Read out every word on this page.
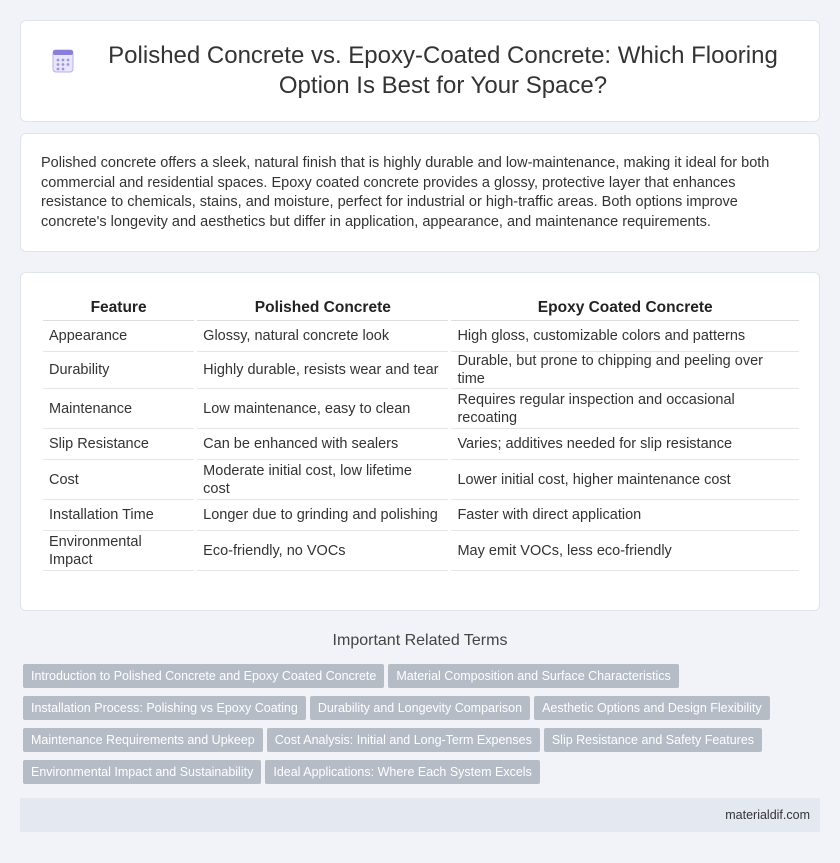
Polished Concrete vs. Epoxy-Coated Concrete: Which Flooring Option Is Best for Your Space?

Polished concrete offers a sleek, natural finish that is highly durable and low-maintenance, making it ideal for both commercial and residential spaces. Epoxy coated concrete provides a glossy, protective layer that enhances resistance to chemicals, stains, and moisture, perfect for industrial or high-traffic areas. Both options improve concrete's longevity and aesthetics but differ in application, appearance, and maintenance requirements.

Feature	Polished Concrete	Epoxy Coated Concrete
Appearance	Glossy, natural concrete look	High gloss, customizable colors and patterns
Durability	Highly durable, resists wear and tear	Durable, but prone to chipping and peeling over time
Maintenance	Low maintenance, easy to clean	Requires regular inspection and occasional recoating
Slip Resistance	Can be enhanced with sealers	Varies; additives needed for slip resistance
Cost	Moderate initial cost, low lifetime cost	Lower initial cost, higher maintenance cost
Installation Time	Longer due to grinding and polishing	Faster with direct application
Environmental Impact	Eco-friendly, no VOCs	May emit VOCs, less eco-friendly
Important Related Terms
Introduction to Polished Concrete and Epoxy Coated Concrete Material Composition and Surface Characteristics
Installation Process: Polishing vs Epoxy Coating Durability and Longevity Comparison Aesthetic Options and Design Flexibility
Maintenance Requirements and Upkeep Cost Analysis: Initial and Long-Term Expenses Slip Resistance and Safety Features
Environmental Impact and Sustainability Ideal Applications: Where Each System Excels
materialdif.com
